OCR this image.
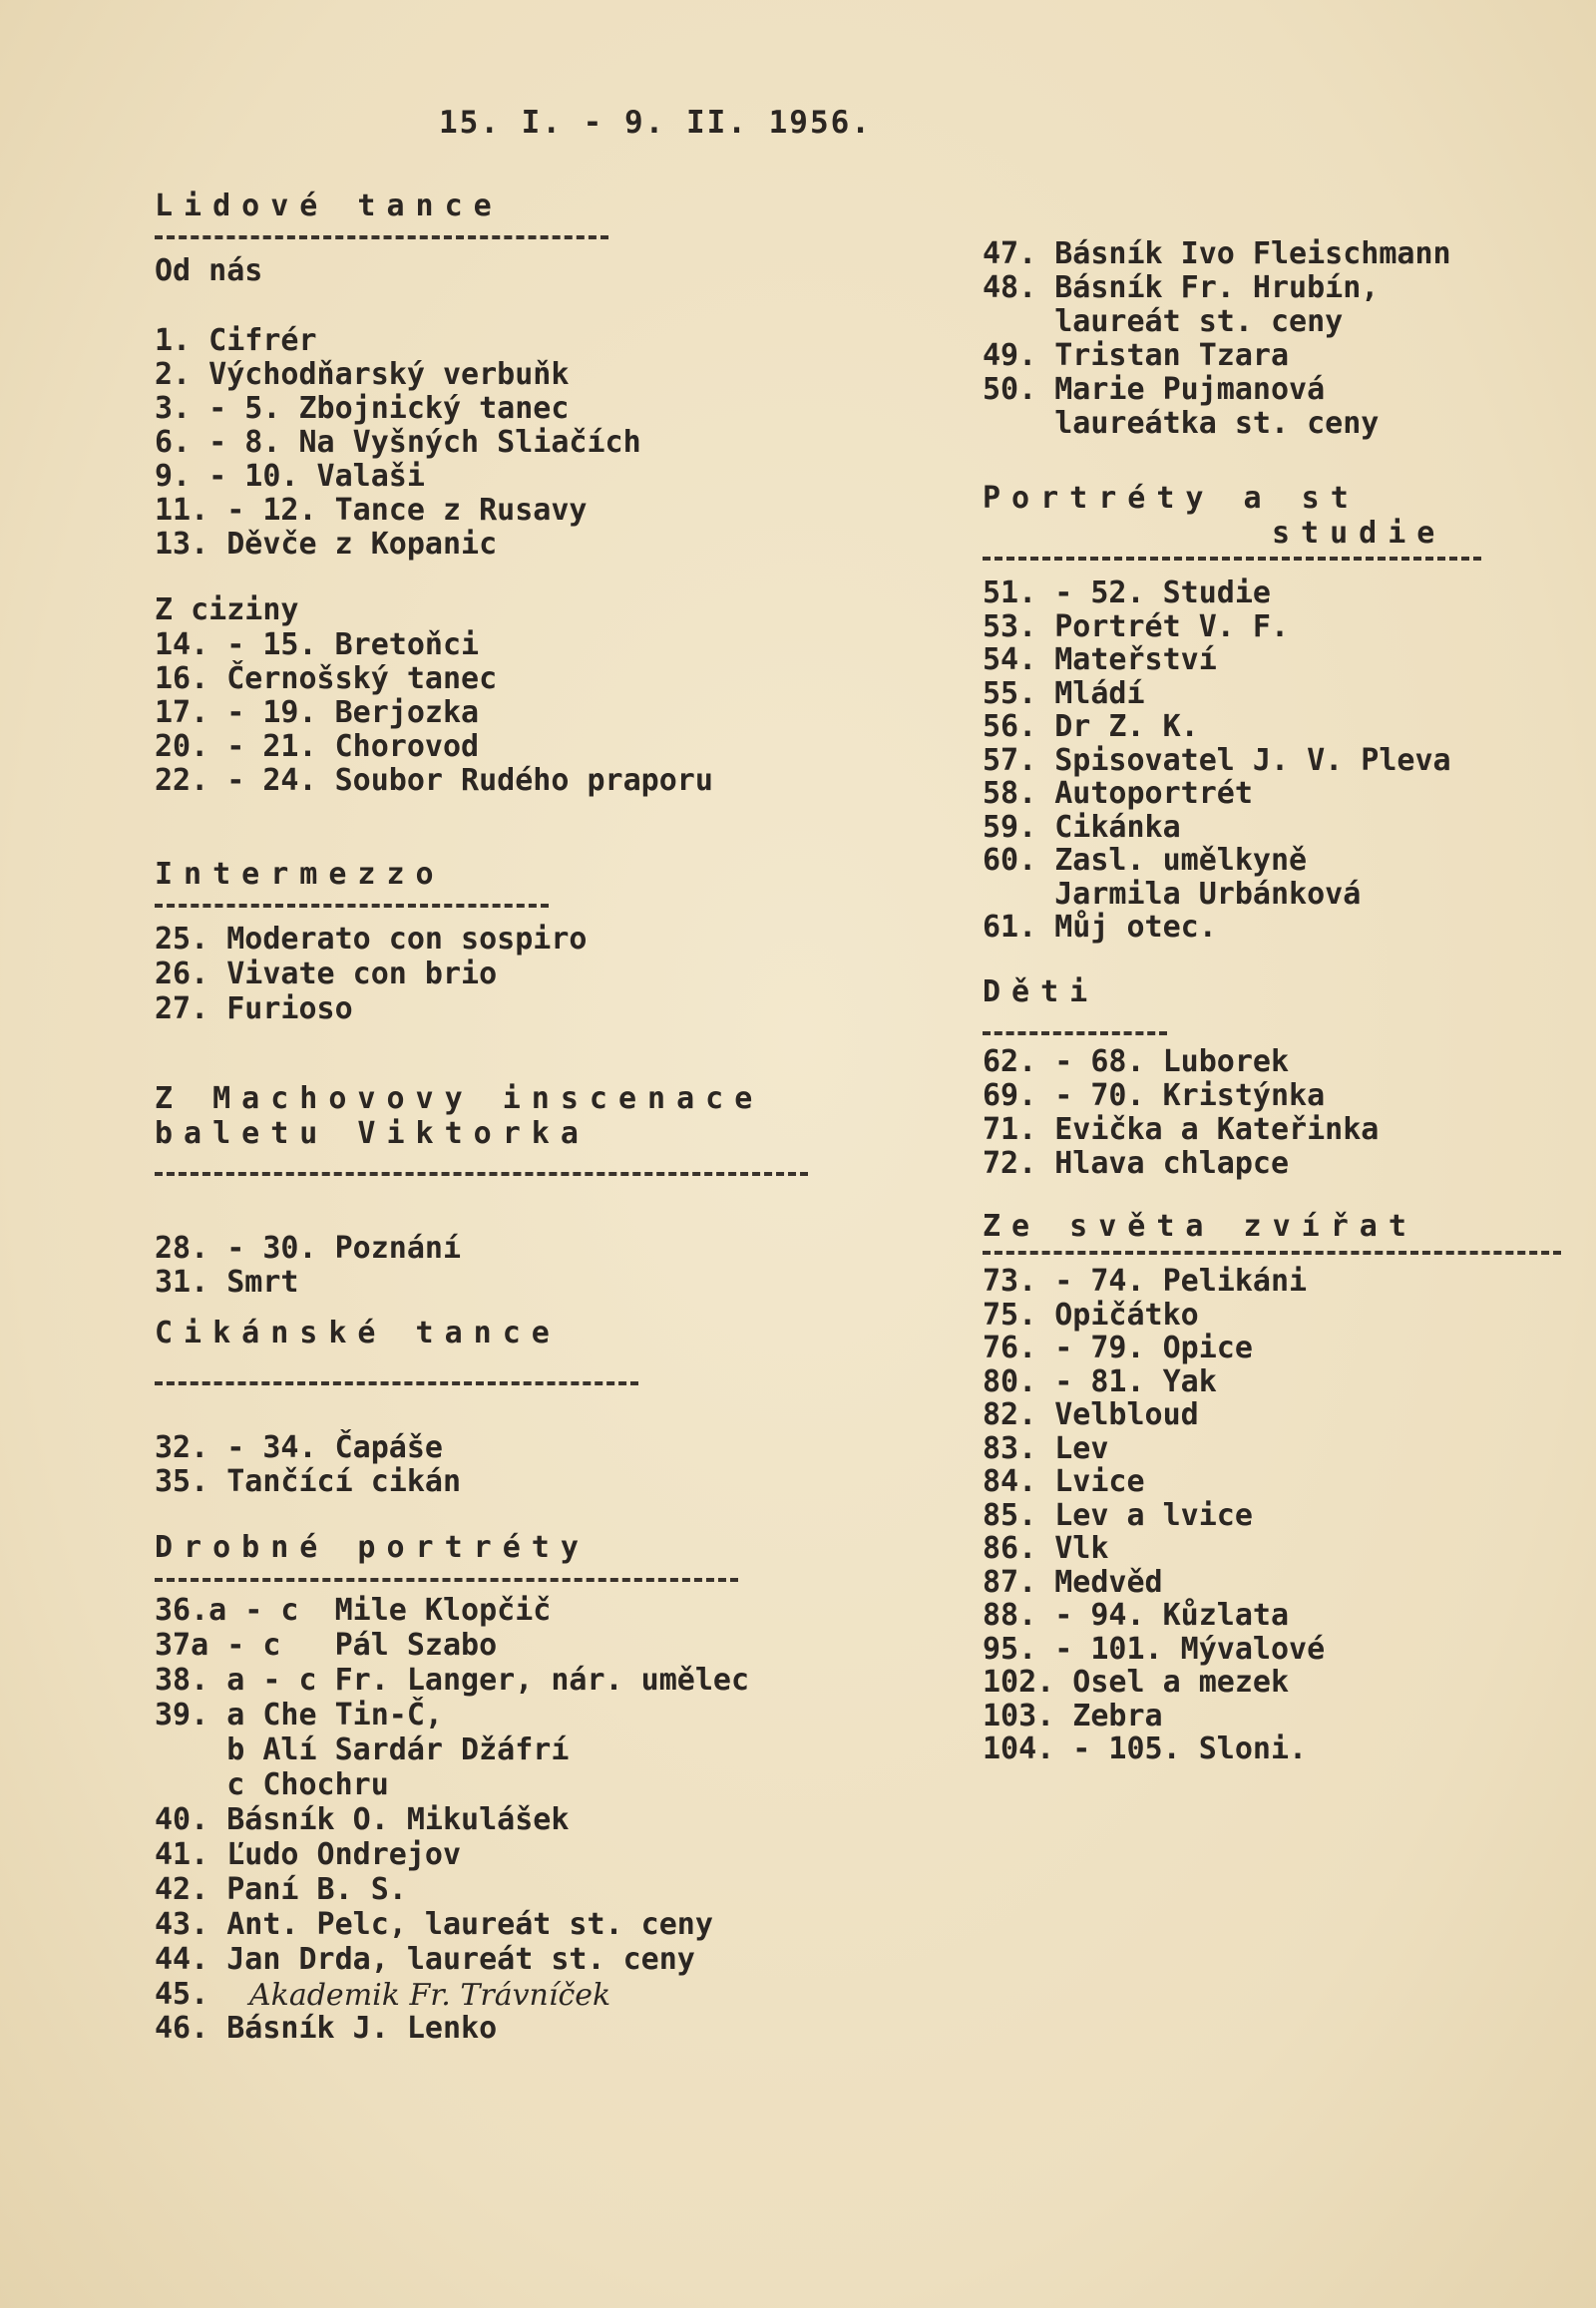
15. I. - 9. II. 1956.
Lidové tance
Od nás
1. Cifrér
2. Východňarský verbuňk
3. - 5. Zbojnický tanec
6. - 8. Na Vyšných Sliačích
9. - 10. Valaši
11. - 12. Tance z Rusavy
13. Děvče z Kopanic
Z ciziny
14. - 15. Bretoňci
16. Černošský tanec
17. - 19. Berjozka
20. - 21. Chorovod
22. - 24. Soubor Rudého praporu
Intermezzo
25. Moderato con sospiro
26. Vivate con brio
27. Furioso
Z Machovovy inscenace
baletu Viktorka
28. - 30. Poznání
31. Smrt
Cikánské tance
32. - 34. Čapáše
35. Tančící cikán
Drobné portréty
36.a - c  Mile Klopčič
37a - c   Pál Szabo
38. a - c Fr. Langer, nár. umělec
39. a Che Tin-Č,
b Alí Sardár Džáfrí
c Chochru
40. Básník O. Mikulášek
41. Ľudo Ondrejov
42. Paní B. S.
43. Ant. Pelc, laureát st. ceny
44. Jan Drda, laureát st. ceny
45. Akademik Fr. Trávníček
46. Básník J. Lenko
47. Básník Ivo Fleischmann
48. Básník Fr. Hrubín,
laureát st. ceny
49. Tristan Tzara
50. Marie Pujmanová
laureátka st. ceny
Portréty a st
studie
51. - 52. Studie
53. Portrét V. F.
54. Mateřství
55. Mládí
56. Dr Z. K.
57. Spisovatel J. V. Pleva
58. Autoportrét
59. Cikánka
60. Zasl. umělkyně
Jarmila Urbánková
61. Můj otec.
Děti
62. - 68. Luborek
69. - 70. Kristýnka
71. Evička a Kateřinka
72. Hlava chlapce
Ze světa zvířat
73. - 74. Pelikáni
75. Opičátko
76. - 79. Opice
80. - 81. Yak
82. Velbloud
83. Lev
84. Lvice
85. Lev a lvice
86. Vlk
87. Medvěd
88. - 94. Kůzlata
95. - 101. Mývalové
102. Osel a mezek
103. Zebra
104. - 105. Sloni.
